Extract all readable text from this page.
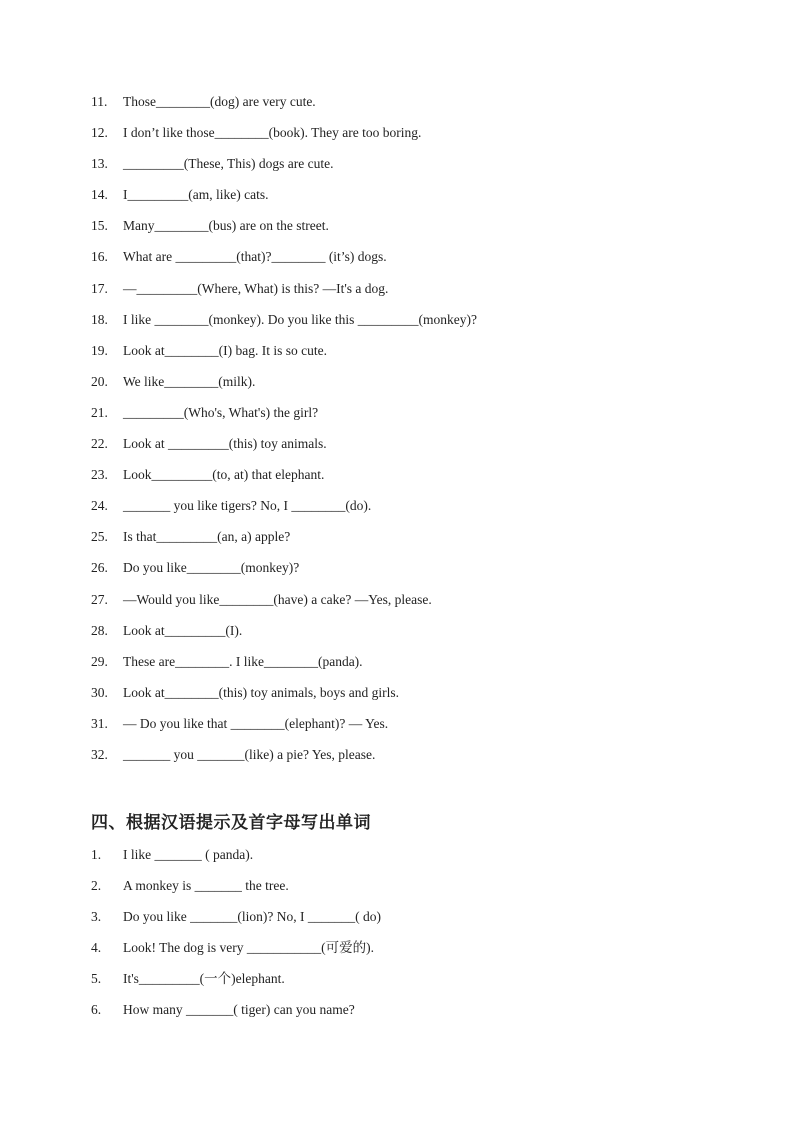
11.	Those________(dog) are very cute.
12.	I don’t like those________(book). They are too boring.
13.	_________(These, This) dogs are cute.
14.	I_________(am, like) cats.
15.	Many________(bus) are on the street.
16.	What are _________(that)?________ (it’s) dogs.
17.	—_________(Where, What) is this? —It's a dog.
18.	I like ________(monkey). Do you like this _________(monkey)?
19.	Look at________(I) bag. It is so cute.
20.	We like________(milk).
21.	_________(Who's, What's) the girl?
22.	Look at _________(this) toy animals.
23.	Look_________(to, at) that elephant.
24.	_______ you like tigers? No, I ________(do).
25.	Is that_________(an, a) apple?
26.	Do you like________(monkey)?
27.	—Would you like________(have) a cake? —Yes, please.
28.	Look at_________(I).
29.	These are________. I like________(panda).
30.	Look at________(this) toy animals, boys and girls.
31.	— Do you like that ________(elephant)? — Yes.
32.	_______ you _______(like) a pie? Yes, please.
四、根据汉语提示及首字母写出单词
1.	I like _______ ( panda).
2.	A monkey is _______ the tree.
3.	Do you like _______(lion)? No, I _______( do)
4.	Look! The dog is very ___________(可爱的).
5.	It's_________(一个)elephant.
6.	How many _______( tiger) can you name?
